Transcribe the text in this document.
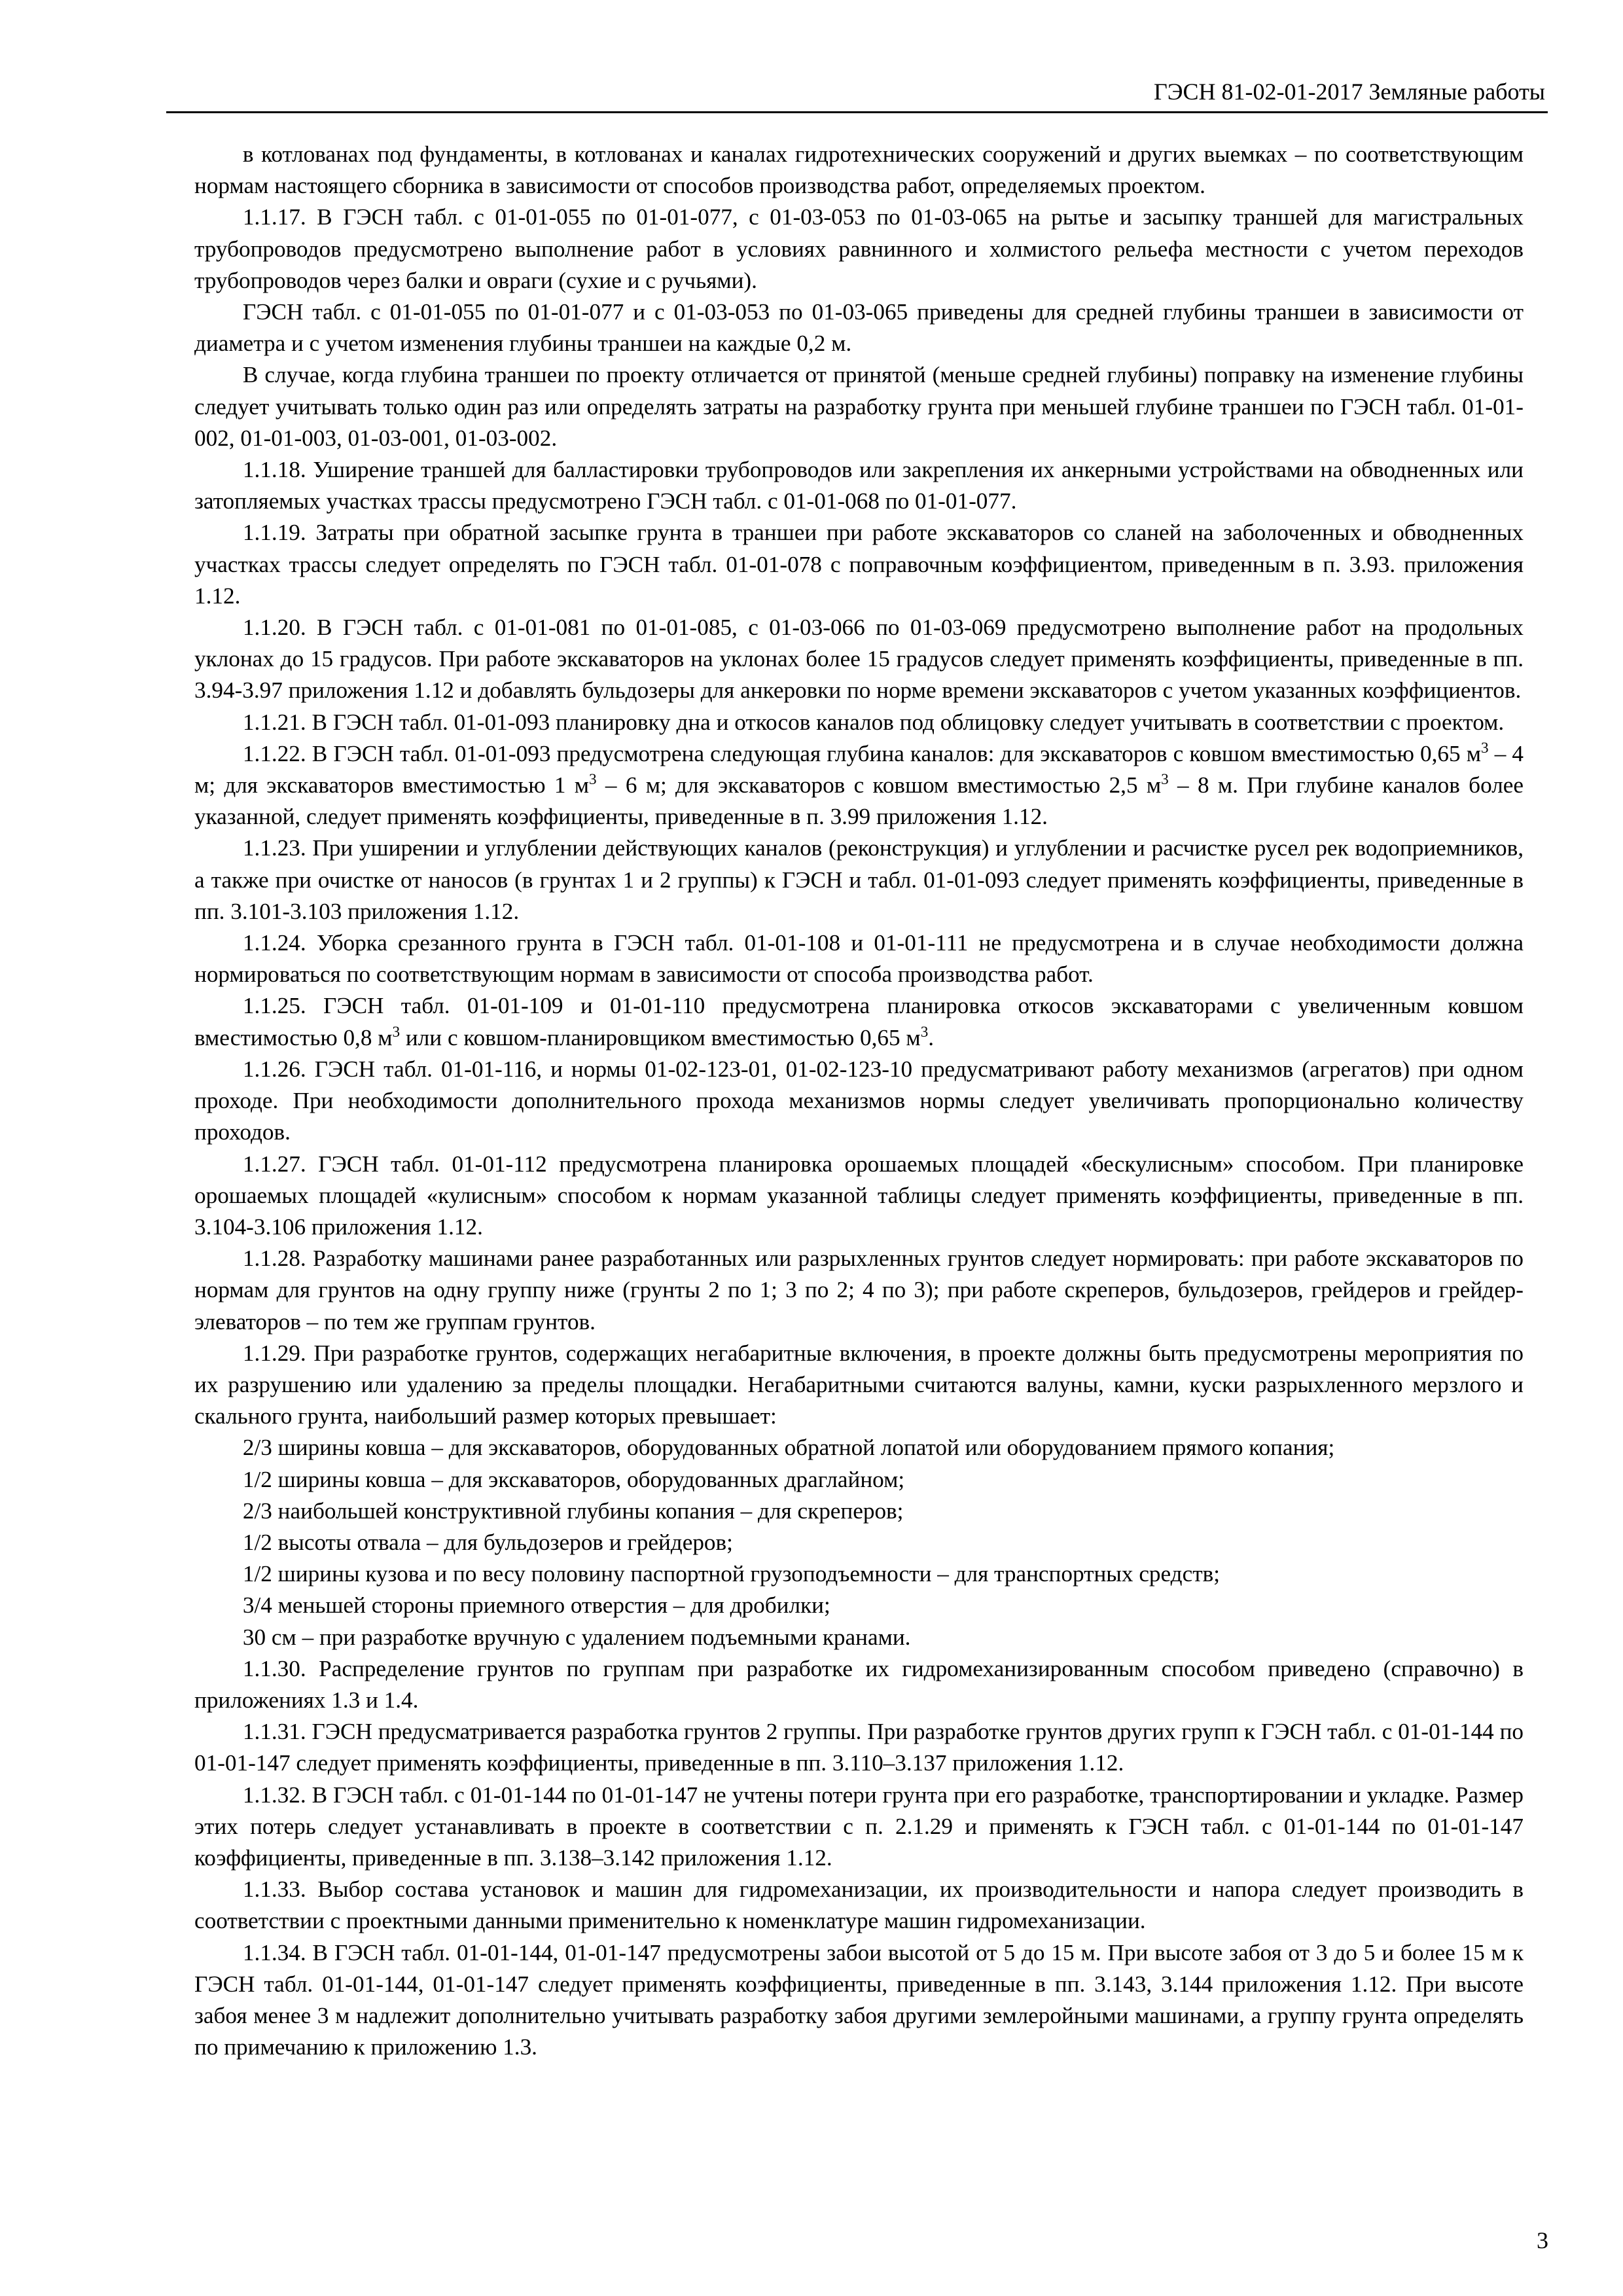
ГЭСН 81-02-01-2017 Земляные работы

в котлованах под фундаменты, в котлованах и каналах гидротехнических сооружений и других выемках – по соответствующим нормам настоящего сборника в зависимости от способов производства работ, определяемых проектом.

1.1.17. В ГЭСН табл. с 01-01-055 по 01-01-077, с 01-03-053 по 01-03-065 на рытье и засыпку траншей для магистральных трубопроводов предусмотрено выполнение работ в условиях равнинного и холмистого рельефа местности с учетом переходов трубопроводов через балки и овраги (сухие и с ручьями).

ГЭСН табл. с 01-01-055 по 01-01-077 и с 01-03-053 по 01-03-065 приведены для средней глубины траншеи в зависимости от диаметра и с учетом изменения глубины траншеи на каждые 0,2 м.

В случае, когда глубина траншеи по проекту отличается от принятой (меньше средней глубины) поправку на изменение глубины следует учитывать только один раз или определять затраты на разработку грунта при меньшей глубине траншеи по ГЭСН табл. 01-01-002, 01-01-003, 01-03-001, 01-03-002.

1.1.18. Уширение траншей для балластировки трубопроводов или закрепления их анкерными устройствами на обводненных или затопляемых участках трассы предусмотрено ГЭСН табл. с 01-01-068 по 01-01-077.

1.1.19. Затраты при обратной засыпке грунта в траншеи при работе экскаваторов со сланей на заболоченных и обводненных участках трассы следует определять по ГЭСН табл. 01-01-078 с поправочным коэффициентом, приведенным в п. 3.93. приложения 1.12.

1.1.20. В ГЭСН табл. с 01-01-081 по 01-01-085, с 01-03-066 по 01-03-069 предусмотрено выполнение работ на продольных уклонах до 15 градусов. При работе экскаваторов на уклонах более 15 градусов следует применять коэффициенты, приведенные в пп. 3.94-3.97 приложения 1.12 и добавлять бульдозеры для анкеровки по норме времени экскаваторов с учетом указанных коэффициентов.

1.1.21. В ГЭСН табл. 01-01-093 планировку дна и откосов каналов под облицовку следует учитывать в соответствии с проектом.

1.1.22. В ГЭСН табл. 01-01-093 предусмотрена следующая глубина каналов: для экскаваторов с ковшом вместимостью 0,65 $м^3 - 4$ м; для экскаваторов вместимостью 1 $м^3 - 6$ м; для экскаваторов с ковшом вместимостью 2,5 $м^3 - 8$ м. При глубине каналов более указанной, следует применять коэффициенты, приведенные в п. 3.99 приложения 1.12.

1.1.23. При уширении и углублении действующих каналов (реконструкция) и углублении и расчистке русел рек водоприемников, а также при очистке от наносов (в грунтах 1 и 2 группы) к ГЭСН и табл. 01-01-093 следует применять коэффициенты, приведенные в пп. 3.101-3.103 приложения 1.12.

1.1.24. Уборка срезанного грунта в ГЭСН табл. 01-01-108 и 01-01-111 не предусмотрена и в случае необходимости должна нормироваться по соответствующим нормам в зависимости от способа производства работ.

1.1.25. ГЭСН табл. 01-01-109 и 01-01-110 предусмотрена планировка откосов экскаваторами с увеличенным ковшом вместимостью 0,8 $м^3$ или с ковшом-планировщиком вместимостью 0,65 $м^3$.

1.1.26. ГЭСН табл. 01-01-116, и нормы 01-02-123-01, 01-02-123-10 предусматривают работу механизмов (агрегатов) при одном проходе. При необходимости дополнительного прохода механизмов нормы следует увеличивать пропорционально количеству проходов.

1.1.27. ГЭСН табл. 01-01-112 предусмотрена планировка орошаемых площадей «бескулисным» способом. При планировке орошаемых площадей «кулисным» способом к нормам указанной таблицы следует применять коэффициенты, приведенные в пп. 3.104-3.106 приложения 1.12.

1.1.28. Разработку машинами ранее разработанных или разрыхленных грунтов следует нормировать: при работе экскаваторов по нормам для грунтов на одну группу ниже (грунты 2 по 1; 3 по 2; 4 по 3); при работе скреперов, бульдозеров, грейдеров и грейдер-элеваторов – по тем же группам грунтов.

1.1.29. При разработке грунтов, содержащих негабаритные включения, в проекте должны быть предусмотрены мероприятия по их разрушению или удалению за пределы площадки. Негабаритными считаются валуны, камни, куски разрыхленного мерзлого и скального грунта, наибольший размер которых превышает:

2/3 ширины ковша – для экскаваторов, оборудованных обратной лопатой или оборудованием прямого копания;

1/2 ширины ковша – для экскаваторов, оборудованных драглайном;

2/3 наибольшей конструктивной глубины копания – для скреперов;

1/2 высоты отвала – для бульдозеров и грейдеров;

1/2 ширины кузова и по весу половину паспортной грузоподъемности – для транспортных средств;

3/4 меньшей стороны приемного отверстия – для дробилки;

30 см – при разработке вручную с удалением подъемными кранами.

1.1.30. Распределение грунтов по группам при разработке их гидромеханизированным способом приведено (справочно) в приложениях 1.3 и 1.4.

1.1.31. ГЭСН предусматривается разработка грунтов 2 группы. При разработке грунтов других групп к ГЭСН табл. с 01-01-144 по 01-01-147 следует применять коэффициенты, приведенные в пп. 3.110–3.137 приложения 1.12.

1.1.32. В ГЭСН табл. с 01-01-144 по 01-01-147 не учтены потери грунта при его разработке, транспортировании и укладке. Размер этих потерь следует устанавливать в проекте в соответствии с п. 2.1.29 и применять к ГЭСН табл. с 01-01-144 по 01-01-147 коэффициенты, приведенные в пп. 3.138–3.142 приложения 1.12.

1.1.33. Выбор состава установок и машин для гидромеханизации, их производительности и напора следует производить в соответствии с проектными данными применительно к номенклатуре машин гидромеханизации.

1.1.34. В ГЭСН табл. 01-01-144, 01-01-147 предусмотрены забои высотой от 5 до 15 м. При высоте забоя от 3 до 5 и более 15 м к ГЭСН табл. 01-01-144, 01-01-147 следует применять коэффициенты, приведенные в пп. 3.143, 3.144 приложения 1.12. При высоте забоя менее 3 м надлежит дополнительно учитывать разработку забоя другими землеройными машинами, а группу грунта определять по примечанию к приложению 1.3.

3
